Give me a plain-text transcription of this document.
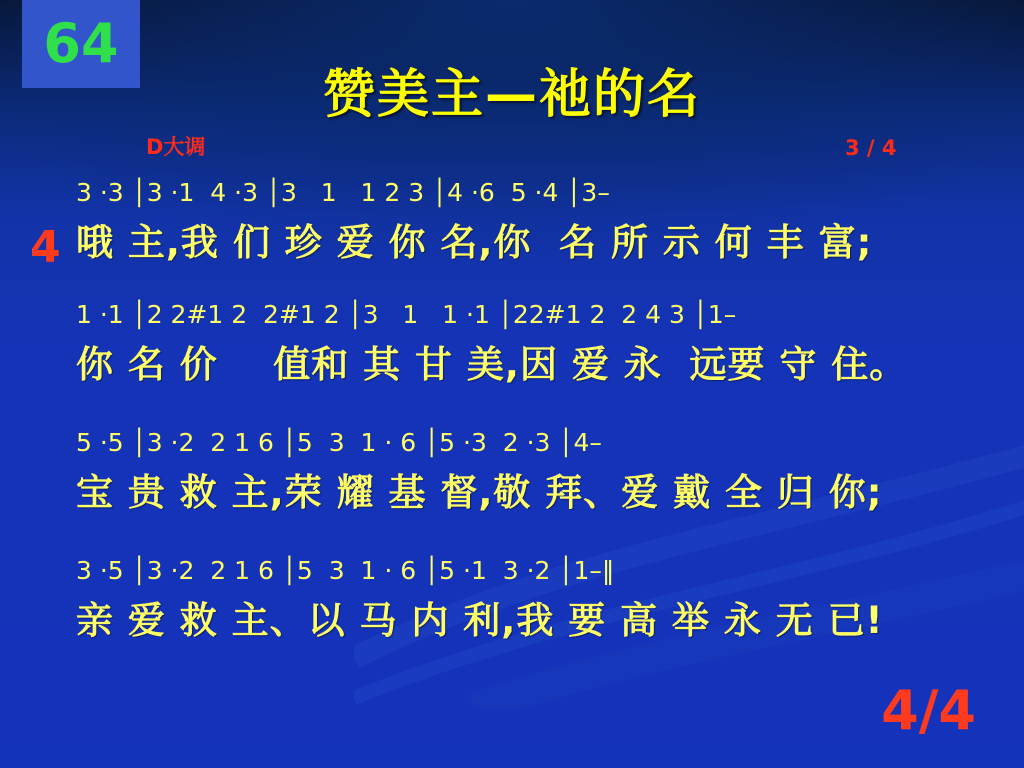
64
赞美主—祂的名
D大调	3 / 4
4
4/4
3 ·3 │3 ·1  4 ·3 │3   1   1 2 3 │4 ·6  5 ·4 │3–
哦 主,我 们 珍 爱 你 名,你  名 所 示 何 丰 富;
1 ·1 │2 2#1 2  2#1 2 │3   1   1 ·1 │22#1 2  2 4 3 │1–
你 名 价    值和 其 甘 美,因 爱 永  远要 守 住。
5 ·5 │3 ·2  2 1 6 │5  3  1 · 6 │5 ·3  2 ·3 │4–
宝 贵 救 主,荣 耀 基 督,敬 拜、爱 戴 全 归 你;
3 ·5 │3 ·2  2 1 6 │5  3  1 · 6 │5 ·1  3 ·2 │1–‖
亲 爱 救 主、以 马 内 利,我 要 高 举 永 无 已!
